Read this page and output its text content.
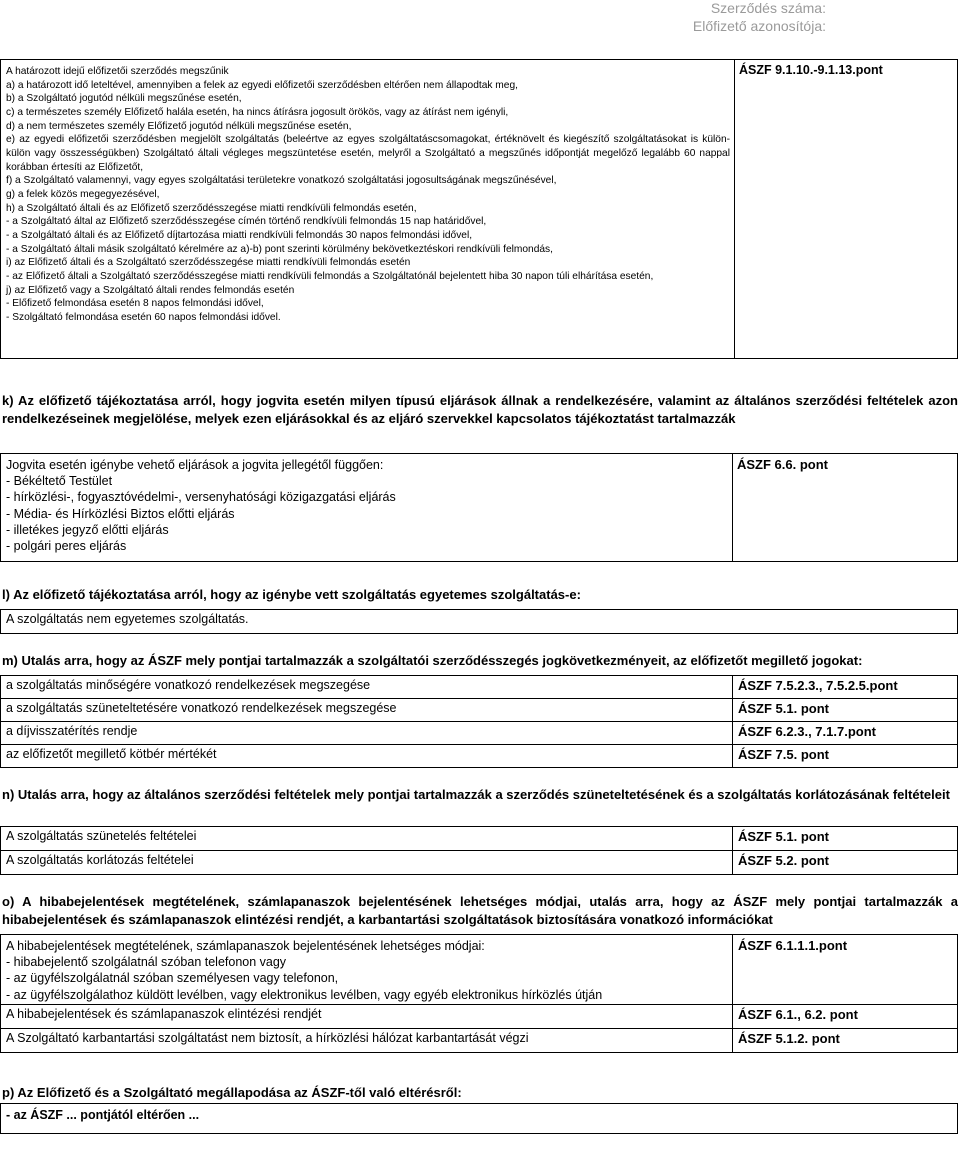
Szerződés száma:
Előfizető azonosítója:

A határozott idejű előfizetői szerződés megszűnik

a) a határozott idő leteltével, amennyiben a felek az egyedi előfizetői szerződésben eltérően nem állapodtak meg,

b) a Szolgáltató jogutód nélküli megszűnése esetén,

c) a természetes személy Előfizető halála esetén, ha nincs átírásra jogosult örökös, vagy az átírást nem igényli,

d) a nem természetes személy Előfizető jogutód nélküli megszűnése esetén,

e) az egyedi előfizetői szerződésben megjelölt szolgáltatás (beleértve az egyes szolgáltatáscsomagokat, értéknövelt és kiegészítő szolgáltatásokat is külön-külön vagy összességükben) Szolgáltató általi végleges megszüntetése esetén, melyről a Szolgáltató a megszűnés időpontját megelőző legalább 60 nappal korábban értesíti az Előfizetőt,

f) a Szolgáltató valamennyi, vagy egyes szolgáltatási területekre vonatkozó szolgáltatási jogosultságának megszűnésével,

g) a felek közös megegyezésével,

h) a Szolgáltató általi és az Előfizető szerződésszegése miatti rendkívüli felmondás esetén,

- a Szolgáltató által az Előfizető szerződésszegése címén történő rendkívüli felmondás 15 nap határidővel,

- a Szolgáltató általi és az Előfizető díjtartozása miatti rendkívüli felmondás 30 napos felmondási idővel,

- a Szolgáltató általi másik szolgáltató kérelmére az a)-b) pont szerinti körülmény bekövetkeztéskori rendkívüli felmondás,

i) az Előfizető általi és a Szolgáltató szerződésszegése miatti rendkívüli felmondás esetén

- az Előfizető általi a Szolgáltató szerződésszegése miatti rendkívüli felmondás a Szolgáltatónál bejelentett hiba 30 napon túli elhárítása esetén,

j) az Előfizető vagy a Szolgáltató általi rendes felmondás esetén

- Előfizető felmondása esetén 8 napos felmondási idővel,

- Szolgáltató felmondása esetén 60 napos felmondási idővel.

	ÁSZF 9.1.10.-9.1.13.pont
k) Az előfizető tájékoztatása arról, hogy jogvita esetén milyen típusú eljárások állnak a rendelkezésére, valamint az általános szerződési feltételek azon rendelkezéseinek megjelölése, melyek ezen eljárásokkal és az eljáró szervekkel kapcsolatos tájékoztatást tartalmazzák

Jogvita esetén igénybe vehető eljárások a jogvita jellegétől függően:

- Békéltető Testület

- hírközlési-, fogyasztóvédelmi-, versenyhatósági közigazgatási eljárás

- Média- és Hírközlési Biztos előtti eljárás

- illetékes jegyző előtti eljárás

- polgári peres eljárás

	ÁSZF 6.6. pont
l) Az előfizető tájékoztatása arról, hogy az igénybe vett szolgáltatás egyetemes szolgáltatás-e:
A szolgáltatás nem egyetemes szolgáltatás.
m) Utalás arra, hogy az ÁSZF mely pontjai tartalmazzák a szolgáltatói szerződésszegés jogkövetkezményeit, az előfizetőt megillető jogokat:
a szolgáltatás minőségére vonatkozó rendelkezések megszegése	ÁSZF 7.5.2.3., 7.5.2.5.pont
a szolgáltatás szüneteltetésére vonatkozó rendelkezések megszegése	ÁSZF 5.1. pont
a díjvisszatérítés rendje	ÁSZF 6.2.3., 7.1.7.pont
az előfizetőt megillető kötbér mértékét	ÁSZF 7.5. pont
n) Utalás arra, hogy az általános szerződési feltételek mely pontjai tartalmazzák a szerződés szüneteltetésének és a szolgáltatás korlátozásának feltételeit
A szolgáltatás szünetelés feltételei	ÁSZF 5.1. pont
A szolgáltatás korlátozás feltételei	ÁSZF 5.2. pont
o) A hibabejelentések megtételének, számlapanaszok bejelentésének lehetséges módjai, utalás arra, hogy az ÁSZF mely pontjai tartalmazzák a hibabejelentések és számlapanaszok elintézési rendjét, a karbantartási szolgáltatások biztosítására vonatkozó információkat

A hibabejelentések megtételének, számlapanaszok bejelentésének lehetséges módjai:

- hibabejelentő szolgálatnál szóban telefonon vagy

- az ügyfélszolgálatnál szóban személyesen vagy telefonon,

- az ügyfélszolgálathoz küldött levélben, vagy elektronikus levélben, vagy egyéb elektronikus hírközlés útján	ÁSZF 6.1.1.1.pont
A hibabejelentések és számlapanaszok elintézési rendjét	ÁSZF 6.1., 6.2. pont
A Szolgáltató karbantartási szolgáltatást nem biztosít, a hírközlési hálózat karbantartását végzi	ÁSZF 5.1.2. pont
p) Az Előfizető és a Szolgáltató megállapodása az ÁSZF-től való eltérésről:
- az ÁSZF ... pontjától eltérően ...
